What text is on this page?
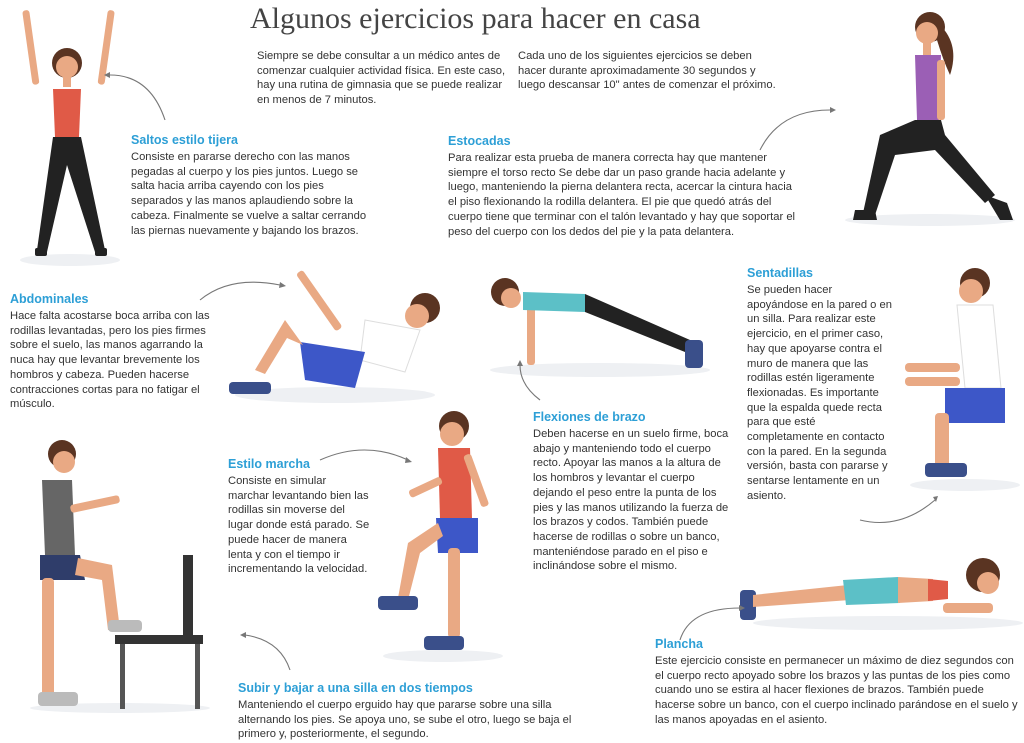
Algunos ejercicios para hacer en casa
Siempre se debe consultar a un médico antes de comenzar cualquier actividad física. En este caso, hay una rutina de gimnasia que se puede realizar en menos de 7 minutos.
Cada uno de los siguientes ejercicios se deben hacer durante aproximadamente 30 segundos y luego descansar 10" antes de comenzar el próximo.
Saltos estilo tijera

Consiste en pararse derecho con las manos pegadas al cuerpo y los pies juntos. Luego se salta hacia arriba cayendo con los pies separados y las manos aplaudiendo sobre la cabeza. Finalmente se vuelve a saltar cerrando las piernas nuevamente y bajando los brazos.

Estocadas

Para realizar esta prueba de manera correcta hay que mantener siempre el torso recto Se debe dar un paso grande hacia adelante y luego, manteniendo la pierna delantera recta, acercar la cintura hacia el piso flexionando la rodilla delantera. El pie que quedó atrás del cuerpo tiene que terminar con el talón levantado y hay que soportar el peso del cuerpo con los dedos del pie y la pata delantera.

Abdominales

Hace falta acostarse boca arriba con las rodillas levantadas, pero los pies firmes sobre el suelo, las manos agarrando la nuca hay que levantar brevemente los hombros y cabeza. Pueden hacerse contracciones cortas para no fatigar el músculo.

Sentadillas

Se pueden hacer apoyándose en la pared o en un silla. Para realizar este ejercicio, en el primer caso, hay que apoyarse contra el muro de manera que las rodillas estén ligeramente flexionadas. Es importante que la espalda quede recta para que esté completamente en contacto con la pared. En la segunda versión, basta con pararse y sentarse lentamente en un asiento.

Flexiones de brazo

Deben hacerse en un suelo firme, boca abajo y manteniendo todo el cuerpo recto. Apoyar las manos a la altura de los hombros y levantar el cuerpo dejando el peso entre la punta de los pies y las manos utilizando la fuerza de los brazos y codos. También puede hacerse de rodillas o sobre un banco, manteniéndose parado en el piso e inclinándose sobre el mismo.

Estilo marcha

Consiste en simular marchar levantando bien las rodillas sin moverse del lugar donde está parado. Se puede hacer de manera lenta y con el tiempo ir incrementando la velocidad.

Subir y bajar a una silla en dos tiempos

Manteniendo el cuerpo erguido hay que pararse sobre una silla alternando los pies. Se apoya uno, se sube el otro, luego se baja el primero y, posteriormente, el segundo.

Plancha

Este ejercicio consiste en permanecer un máximo de diez segundos con el cuerpo recto apoyado sobre los brazos y las puntas de los pies como cuando uno se estira al hacer flexiones de brazos. También puede hacerse sobre un banco, con el cuerpo inclinado parándose en el suelo y las manos apoyadas en el asiento.
